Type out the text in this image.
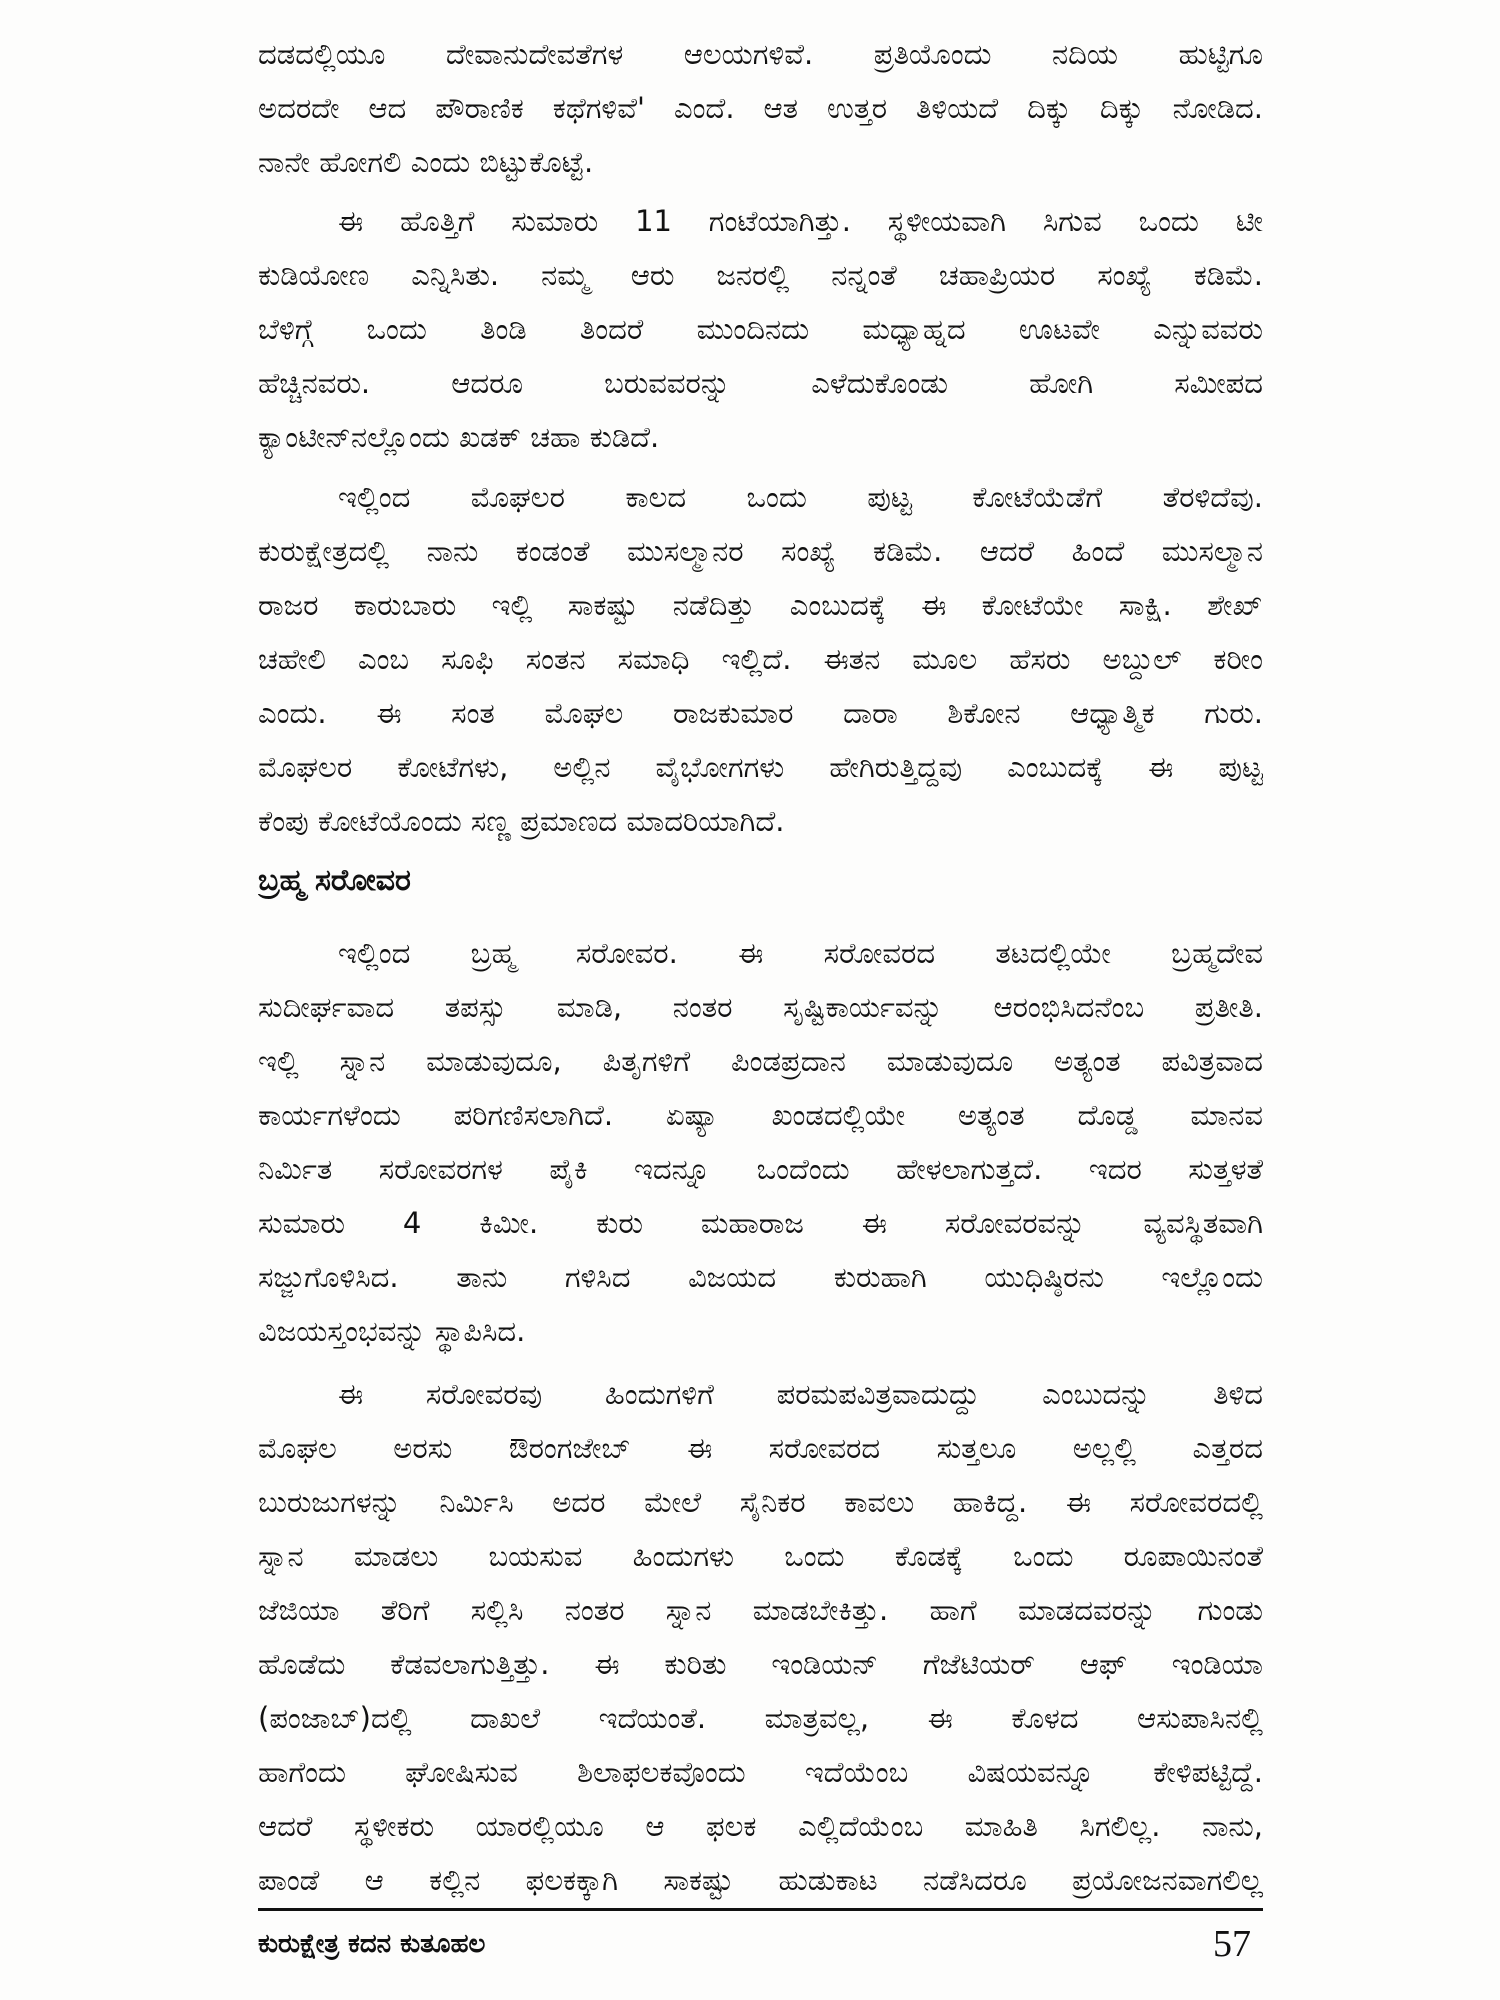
ದಡದಲ್ಲಿಯೂ ದೇವಾನುದೇವತೆಗಳ ಆಲಯಗಳಿವೆ. ಪ್ರತಿಯೊಂದು ನದಿಯ ಹುಟ್ಟಿಗೂ
ಅದರದೇ ಆದ ಪೌರಾಣಿಕ ಕಥೆಗಳಿವೆ' ಎಂದೆ. ಆತ ಉತ್ತರ ತಿಳಿಯದೆ ದಿಕ್ಕು ದಿಕ್ಕು ನೋಡಿದ.
ನಾನೇ ಹೋಗಲಿ ಎಂದು ಬಿಟ್ಟುಕೊಟ್ಟೆ.
ಈ ಹೊತ್ತಿಗೆ ಸುಮಾರು 11 ಗಂಟೆಯಾಗಿತ್ತು. ಸ್ಥಳೀಯವಾಗಿ ಸಿಗುವ ಒಂದು ಟೀ
ಕುಡಿಯೋಣ ಎನ್ನಿಸಿತು. ನಮ್ಮ ಆರು ಜನರಲ್ಲಿ ನನ್ನಂತೆ ಚಹಾಪ್ರಿಯರ ಸಂಖ್ಯೆ ಕಡಿಮೆ.
ಬೆಳಿಗ್ಗೆ ಒಂದು ತಿಂಡಿ ತಿಂದರೆ ಮುಂದಿನದು ಮಧ್ಯಾಹ್ನದ ಊಟವೇ ಎನ್ನುವವರು
ಹೆಚ್ಚಿನವರು. ಆದರೂ ಬರುವವರನ್ನು ಎಳೆದುಕೊಂಡು ಹೋಗಿ ಸಮೀಪದ
ಕ್ಯಾಂಟೀನ್‌ನಲ್ಲೊಂದು ಖಡಕ್ ಚಹಾ ಕುಡಿದೆ.
ಇಲ್ಲಿಂದ ಮೊಘಲರ ಕಾಲದ ಒಂದು ಪುಟ್ಟ ಕೋಟೆಯೆಡೆಗೆ ತೆರಳಿದೆವು.
ಕುರುಕ್ಷೇತ್ರದಲ್ಲಿ ನಾನು ಕಂಡಂತೆ ಮುಸಲ್ಮಾನರ ಸಂಖ್ಯೆ ಕಡಿಮೆ. ಆದರೆ ಹಿಂದೆ ಮುಸಲ್ಮಾನ
ರಾಜರ ಕಾರುಬಾರು ಇಲ್ಲಿ ಸಾಕಷ್ಟು ನಡೆದಿತ್ತು ಎಂಬುದಕ್ಕೆ ಈ ಕೋಟೆಯೇ ಸಾಕ್ಷಿ. ಶೇಖ್
ಚಹೇಲಿ ಎಂಬ ಸೂಫಿ ಸಂತನ ಸಮಾಧಿ ಇಲ್ಲಿದೆ. ಈತನ ಮೂಲ ಹೆಸರು ಅಬ್ದುಲ್ ಕರೀಂ
ಎಂದು. ಈ ಸಂತ ಮೊಘಲ ರಾಜಕುಮಾರ ದಾರಾ ಶಿಕೋನ ಆಧ್ಯಾತ್ಮಿಕ ಗುರು.
ಮೊಘಲರ ಕೋಟೆಗಳು, ಅಲ್ಲಿನ ವೈಭೋಗಗಳು ಹೇಗಿರುತ್ತಿದ್ದವು ಎಂಬುದಕ್ಕೆ ಈ ಪುಟ್ಟ
ಕೆಂಪು ಕೋಟೆಯೊಂದು ಸಣ್ಣ ಪ್ರಮಾಣದ ಮಾದರಿಯಾಗಿದೆ.
ಬ್ರಹ್ಮ ಸರೋವರ
ಇಲ್ಲಿಂದ ಬ್ರಹ್ಮ ಸರೋವರ. ಈ ಸರೋವರದ ತಟದಲ್ಲಿಯೇ ಬ್ರಹ್ಮದೇವ
ಸುದೀರ್ಘವಾದ ತಪಸ್ಸು ಮಾಡಿ, ನಂತರ ಸೃಷ್ಟಿಕಾರ್ಯವನ್ನು ಆರಂಭಿಸಿದನೆಂಬ ಪ್ರತೀತಿ.
ಇಲ್ಲಿ ಸ್ನಾನ ಮಾಡುವುದೂ, ಪಿತೃಗಳಿಗೆ ಪಿಂಡಪ್ರದಾನ ಮಾಡುವುದೂ ಅತ್ಯಂತ ಪವಿತ್ರವಾದ
ಕಾರ್ಯಗಳೆಂದು ಪರಿಗಣಿಸಲಾಗಿದೆ. ಏಷ್ಯಾ ಖಂಡದಲ್ಲಿಯೇ ಅತ್ಯಂತ ದೊಡ್ಡ ಮಾನವ
ನಿರ್ಮಿತ ಸರೋವರಗಳ ಪೈಕಿ ಇದನ್ನೂ ಒಂದೆಂದು ಹೇಳಲಾಗುತ್ತದೆ. ಇದರ ಸುತ್ತಳತೆ
ಸುಮಾರು 4 ಕಿಮೀ. ಕುರು ಮಹಾರಾಜ ಈ ಸರೋವರವನ್ನು ವ್ಯವಸ್ಥಿತವಾಗಿ
ಸಜ್ಜುಗೊಳಿಸಿದ. ತಾನು ಗಳಿಸಿದ ವಿಜಯದ ಕುರುಹಾಗಿ ಯುಧಿಷ್ಠಿರನು ಇಲ್ಲೊಂದು
ವಿಜಯಸ್ತಂಭವನ್ನು ಸ್ಥಾಪಿಸಿದ.
ಈ ಸರೋವರವು ಹಿಂದುಗಳಿಗೆ ಪರಮಪವಿತ್ರವಾದುದ್ದು ಎಂಬುದನ್ನು ತಿಳಿದ
ಮೊಘಲ ಅರಸು ಔರಂಗಜೇಬ್ ಈ ಸರೋವರದ ಸುತ್ತಲೂ ಅಲ್ಲಲ್ಲಿ ಎತ್ತರದ
ಬುರುಜುಗಳನ್ನು ನಿರ್ಮಿಸಿ ಅದರ ಮೇಲೆ ಸೈನಿಕರ ಕಾವಲು ಹಾಕಿದ್ದ. ಈ ಸರೋವರದಲ್ಲಿ
ಸ್ನಾನ ಮಾಡಲು ಬಯಸುವ ಹಿಂದುಗಳು ಒಂದು ಕೊಡಕ್ಕೆ ಒಂದು ರೂಪಾಯಿನಂತೆ
ಜೆಜಿಯಾ ತೆರಿಗೆ ಸಲ್ಲಿಸಿ ನಂತರ ಸ್ನಾನ ಮಾಡಬೇಕಿತ್ತು. ಹಾಗೆ ಮಾಡದವರನ್ನು ಗುಂಡು
ಹೊಡೆದು ಕೆಡವಲಾಗುತ್ತಿತ್ತು. ಈ ಕುರಿತು ಇಂಡಿಯನ್ ಗೆಜೆಟಿಯರ್ ಆಫ್ ಇಂಡಿಯಾ
(ಪಂಜಾಬ್)ದಲ್ಲಿ ದಾಖಲೆ ಇದೆಯಂತೆ. ಮಾತ್ರವಲ್ಲ, ಈ ಕೊಳದ ಆಸುಪಾಸಿನಲ್ಲಿ
ಹಾಗೆಂದು ಘೋಷಿಸುವ ಶಿಲಾಫಲಕವೊಂದು ಇದೆಯೆಂಬ ವಿಷಯವನ್ನೂ ಕೇಳಿಪಟ್ಟಿದ್ದೆ.
ಆದರೆ ಸ್ಥಳೀಕರು ಯಾರಲ್ಲಿಯೂ ಆ ಫಲಕ ಎಲ್ಲಿದೆಯೆಂಬ ಮಾಹಿತಿ ಸಿಗಲಿಲ್ಲ. ನಾನು,
ಪಾಂಡೆ ಆ ಕಲ್ಲಿನ ಫಲಕಕ್ಕಾಗಿ ಸಾಕಷ್ಟು ಹುಡುಕಾಟ ನಡೆಸಿದರೂ ಪ್ರಯೋಜನವಾಗಲಿಲ್ಲ
ಕುರುಕ್ಷೇತ್ರ ಕದನ ಕುತೂಹಲ	57
